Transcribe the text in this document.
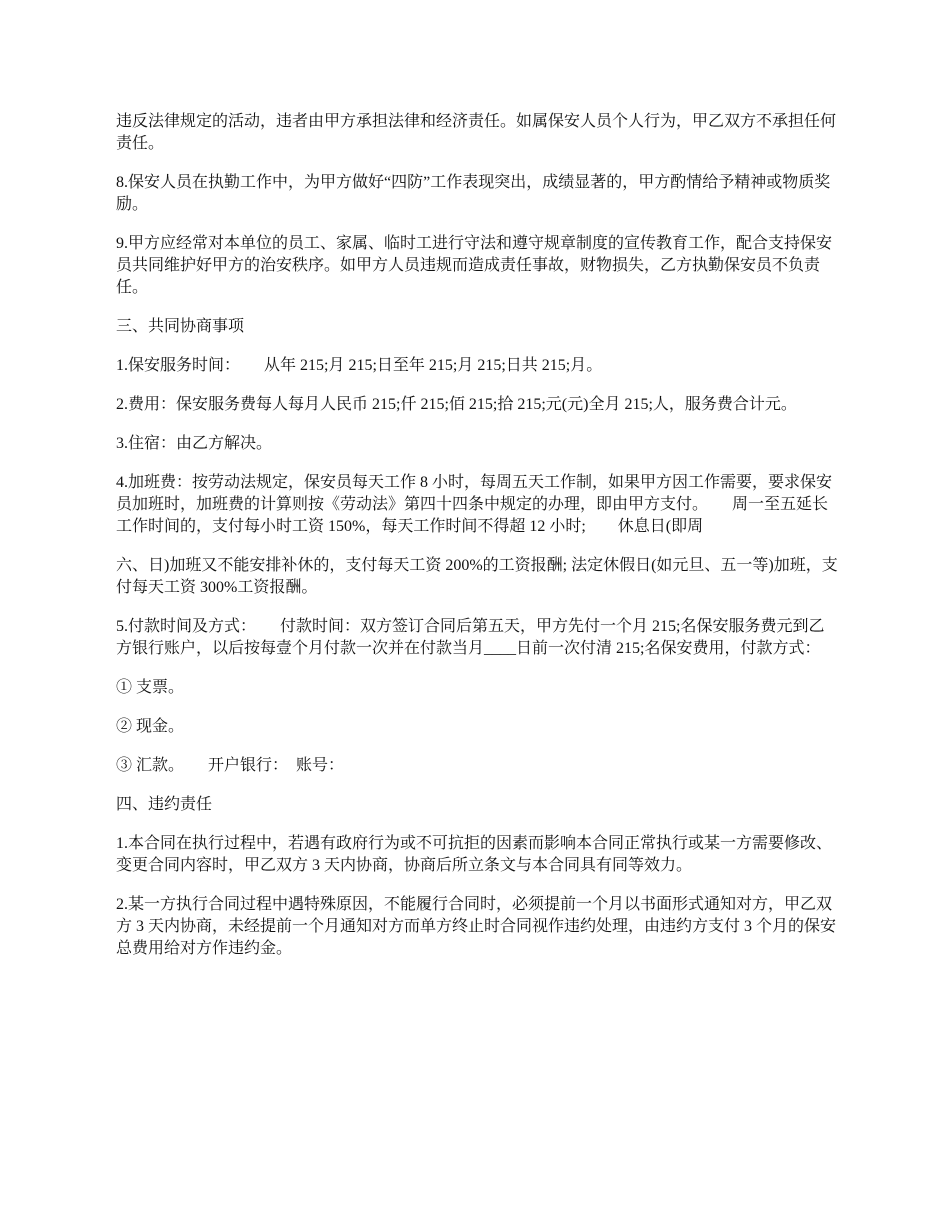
违反法律规定的活动，违者由甲方承担法律和经济责任。如属保安人员个人行为，甲乙双方不承担任何责任。

8.保安人员在执勤工作中，为甲方做好“四防”工作表现突出，成绩显著的，甲方酌情给予精神或物质奖励。

9.甲方应经常对本单位的员工、家属、临时工进行守法和遵守规章制度的宣传教育工作，配合支持保安员共同维护好甲方的治安秩序。如甲方人员违规而造成责任事故，财物损失，乙方执勤保安员不负责任。

三、共同协商事项

1.保安服务时间：　　从年 215;月 215;日至年 215;月 215;日共 215;月。

2.费用：保安服务费每人每月人民币 215;仟 215;佰 215;拾 215;元(元)全月 215;人，服务费合计元。

3.住宿：由乙方解决。

4.加班费：按劳动法规定，保安员每天工作 8 小时，每周五天工作制，如果甲方因工作需要，要求保安员加班时，加班费的计算则按《劳动法》第四十四条中规定的办理，即由甲方支付。　　周一至五延长工作时间的，支付每小时工资 150%，每天工作时间不得超 12 小时;　　休息日(即周

六、日)加班又不能安排补休的，支付每天工资 200%的工资报酬; 法定休假日(如元旦、五一等)加班，支付每天工资 300%工资报酬。

5.付款时间及方式：　　付款时间：双方签订合同后第五天，甲方先付一个月 215;名保安服务费元到乙方银行账户，以后按每壹个月付款一次并在付款当月____日前一次付清 215;名保安费用，付款方式：

① 支票。

② 现金。

③ 汇款。　　开户银行：  账号：

四、违约责任

1.本合同在执行过程中，若遇有政府行为或不可抗拒的因素而影响本合同正常执行或某一方需要修改、变更合同内容时，甲乙双方 3 天内协商，协商后所立条文与本合同具有同等效力。

2.某一方执行合同过程中遇特殊原因，不能履行合同时，必须提前一个月以书面形式通知对方，甲乙双方 3 天内协商，未经提前一个月通知对方而单方终止时合同视作违约处理，由违约方支付 3 个月的保安总费用给对方作违约金。
